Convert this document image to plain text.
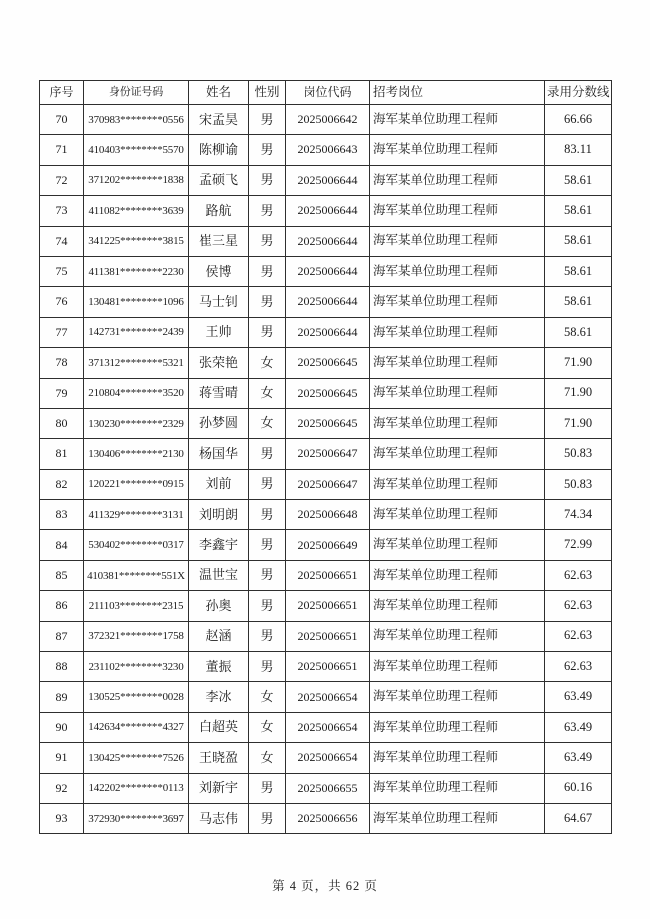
序号	身份证号码	姓名	性别	岗位代码	招考岗位	录用分数线
70	370983********0556	宋孟昊	男	2025006642	海军某单位助理工程师	66.66
71	410403********5570	陈柳谕	男	2025006643	海军某单位助理工程师	83.11
72	371202********1838	孟硕飞	男	2025006644	海军某单位助理工程师	58.61
73	411082********3639	路航	男	2025006644	海军某单位助理工程师	58.61
74	341225********3815	崔三星	男	2025006644	海军某单位助理工程师	58.61
75	411381********2230	侯博	男	2025006644	海军某单位助理工程师	58.61
76	130481********1096	马士钊	男	2025006644	海军某单位助理工程师	58.61
77	142731********2439	王帅	男	2025006644	海军某单位助理工程师	58.61
78	371312********5321	张荣艳	女	2025006645	海军某单位助理工程师	71.90
79	210804********3520	蒋雪晴	女	2025006645	海军某单位助理工程师	71.90
80	130230********2329	孙梦圆	女	2025006645	海军某单位助理工程师	71.90
81	130406********2130	杨国华	男	2025006647	海军某单位助理工程师	50.83
82	120221********0915	刘前	男	2025006647	海军某单位助理工程师	50.83
83	411329********3131	刘明朗	男	2025006648	海军某单位助理工程师	74.34
84	530402********0317	李鑫宇	男	2025006649	海军某单位助理工程师	72.99
85	410381********551X	温世宝	男	2025006651	海军某单位助理工程师	62.63
86	211103********2315	孙奥	男	2025006651	海军某单位助理工程师	62.63
87	372321********1758	赵涵	男	2025006651	海军某单位助理工程师	62.63
88	231102********3230	董振	男	2025006651	海军某单位助理工程师	62.63
89	130525********0028	李冰	女	2025006654	海军某单位助理工程师	63.49
90	142634********4327	白超英	女	2025006654	海军某单位助理工程师	63.49
91	130425********7526	王晓盈	女	2025006654	海军某单位助理工程师	63.49
92	142202********0113	刘新宇	男	2025006655	海军某单位助理工程师	60.16
93	372930********3697	马志伟	男	2025006656	海军某单位助理工程师	64.67
第 4 页，共 62 页
